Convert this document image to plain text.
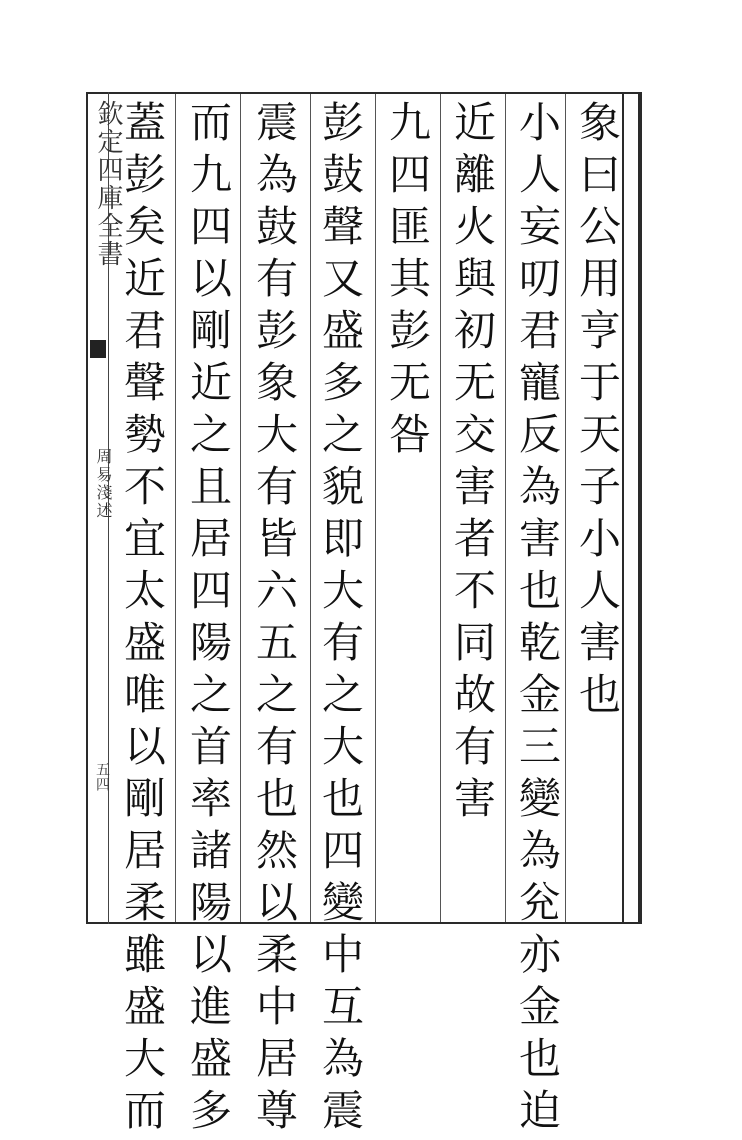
欽定四庫全書
周易淺述
五四
象曰公用亨于天子小人害也
小人妄叨君寵反為害也乾金三變為兊亦金也迫
近離火與初无交害者不同故有害
九四匪其彭无咎
彭鼔聲又盛多之貌即大有之大也四變中互為震
震為鼓有彭象大有皆六五之有也然以柔中居尊
而九四以剛近之且居四陽之首率諸陽以進盛多
蓋彭矣近君聲勢不宜太盛唯以剛居柔雖盛大而
